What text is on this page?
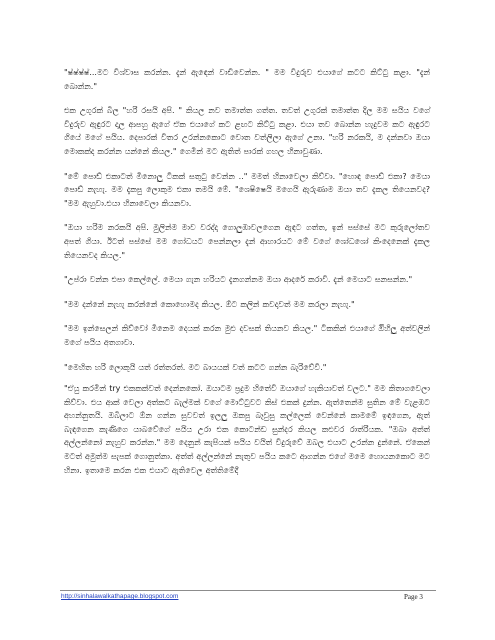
"ෂ්ෂ්ෂ්ෂ්...මට විශ්වාස කරන්න. දැන් ඇඳෙන් වාඩිවෙන්න. " මම විදුරුව එයාගේ කටට කිට්ටු කළා. "දැන් බොන්න."

එක උගුරක් බීල "හරි රසයි අපි. " කියල නව තමාත්ත ගත්ත. තවත් උගුරක් තමාත්ත දිල මම සයිය වගේ විදුරුව ඇඳුරට දාල ආපහු ඇගේ ඒක එයාගේ කට ළඟට කිට්ටු කළා. එයා තව බොන්න හැදුවම කට ඇඳුරට ගියේ මගේ පයිය. දෙපාරක් විතර උරන්නකොට වොත වත්ලිලා ඇගේ උනා. "හරි නරකයි, ම දන්නවා ඔයා මොකක්ද කරන්න යන්නේ කියල." ගෙමින් මට ඇතිත් පාරක් ගහල හිනාවුණා.

"මේ පොඩ් එකාටත් මිනොලු ටිකක් සතුටු වෙන්න .." මමත් හිනාවෙලා කිව්වා. "හොඳ පොඩ් එකා? මෙයා පොඩ් නැහැ. මම දැකපු ලොකුම එකා තමයි මේ. "ශෙෂිෂෙයි මගෙයි ඇරුණාම ඔයා තව දැකල තියෙනවද? "මම ඇහුවා.එයා හිනාවෙලා කියනවා.

"ඔයා හරිම නරකයි අපි. මුලින්ම මාව වරද්දා ගොලුඹාවලගෙන ඇඳට ගත්ත, ඉන් පස්සේ මට කුරුලෝතව අපත් ගියා. ඊටත් පස්සේ මම ගෝධයට පෙන්නලා දැන් ආහාරයට මේ වගේ ශෝධශෝ කිංදෙනෙක් දැකල තියෙනවද කියල."

"උප්රා වන්න එපා කෙල්ලේ. මෙයා ගැන හරියට දැනගන්නම ඔයා ආදරේ කරාවි. දැන් මෙයාට සනසන්න."

"මම දන්නේ නැහැ කරන්නේ කොහොමද කියල. ඕට කලින් කවදාවත් මම කරලා නැහැ."

"මම ඉන්සෙලන් කිව්වෝ මිනෙම දෙයක් කරන මුළු දවසක් තියනව කියල." ටිකකින් එයාගේ ඔිහිලු අත්වලින් මගේ පයිය අතගාවා.

"මෙහිත හරි ලොකුයි යත් රත්තරත්. මට බායයක් වත් කටට ගන්න බැරිවේවි."

"ඒයු කරමින් try එකකක්වත් දෙන්නකෝ. ඔයාටම ප්‍රදුම හිතේවි ඔයාගේ හැකියාවත් වලට." මම කිතාගවෙලා කිව්වා. එය ආක් වෙලා අත්කට බැල්මක් වගේ මොට්ටුවට කිස් එකක් දුන්න. ඇත්තෙන්ම සුතින මේ වැළඹට අහන්නුතයි. ඔබිලාට ඕන ගන්න සුවවත් ඉලලු ඔකපු බෑවුසු කල්ලෙක් වෙන්නේ කාමමේ ඉඳගෙන, ඇත් බැඳගෙන කැණිගෙ යාබවේගේ පයිය උරා එක කොටන්ඩ සුන්දර කියල කළුවර රාත්රියක. "ඔබා අත්ත් අල්ලන්නෝ නැහුව කරන්න." මම දෙනුන් කැපියක් පයිය වයිත් විදුරුවේ ඔබල එයාට උරන්න දුන්නේ. ඒකෙන් මටත් අමුත්ම සැපක් ගොනුත්නා. අත්ත් අල්ලන්නේ නැතුව පයිය කටෙ ආගන්න එගේ මමෙ හොයනකොට මට හිනා. ඉතාමෙ කරන එක එයාට ඇතිවෙල අත්තිමේදී

http://sinhalawalkathapage.blogspot.com	Page 3
